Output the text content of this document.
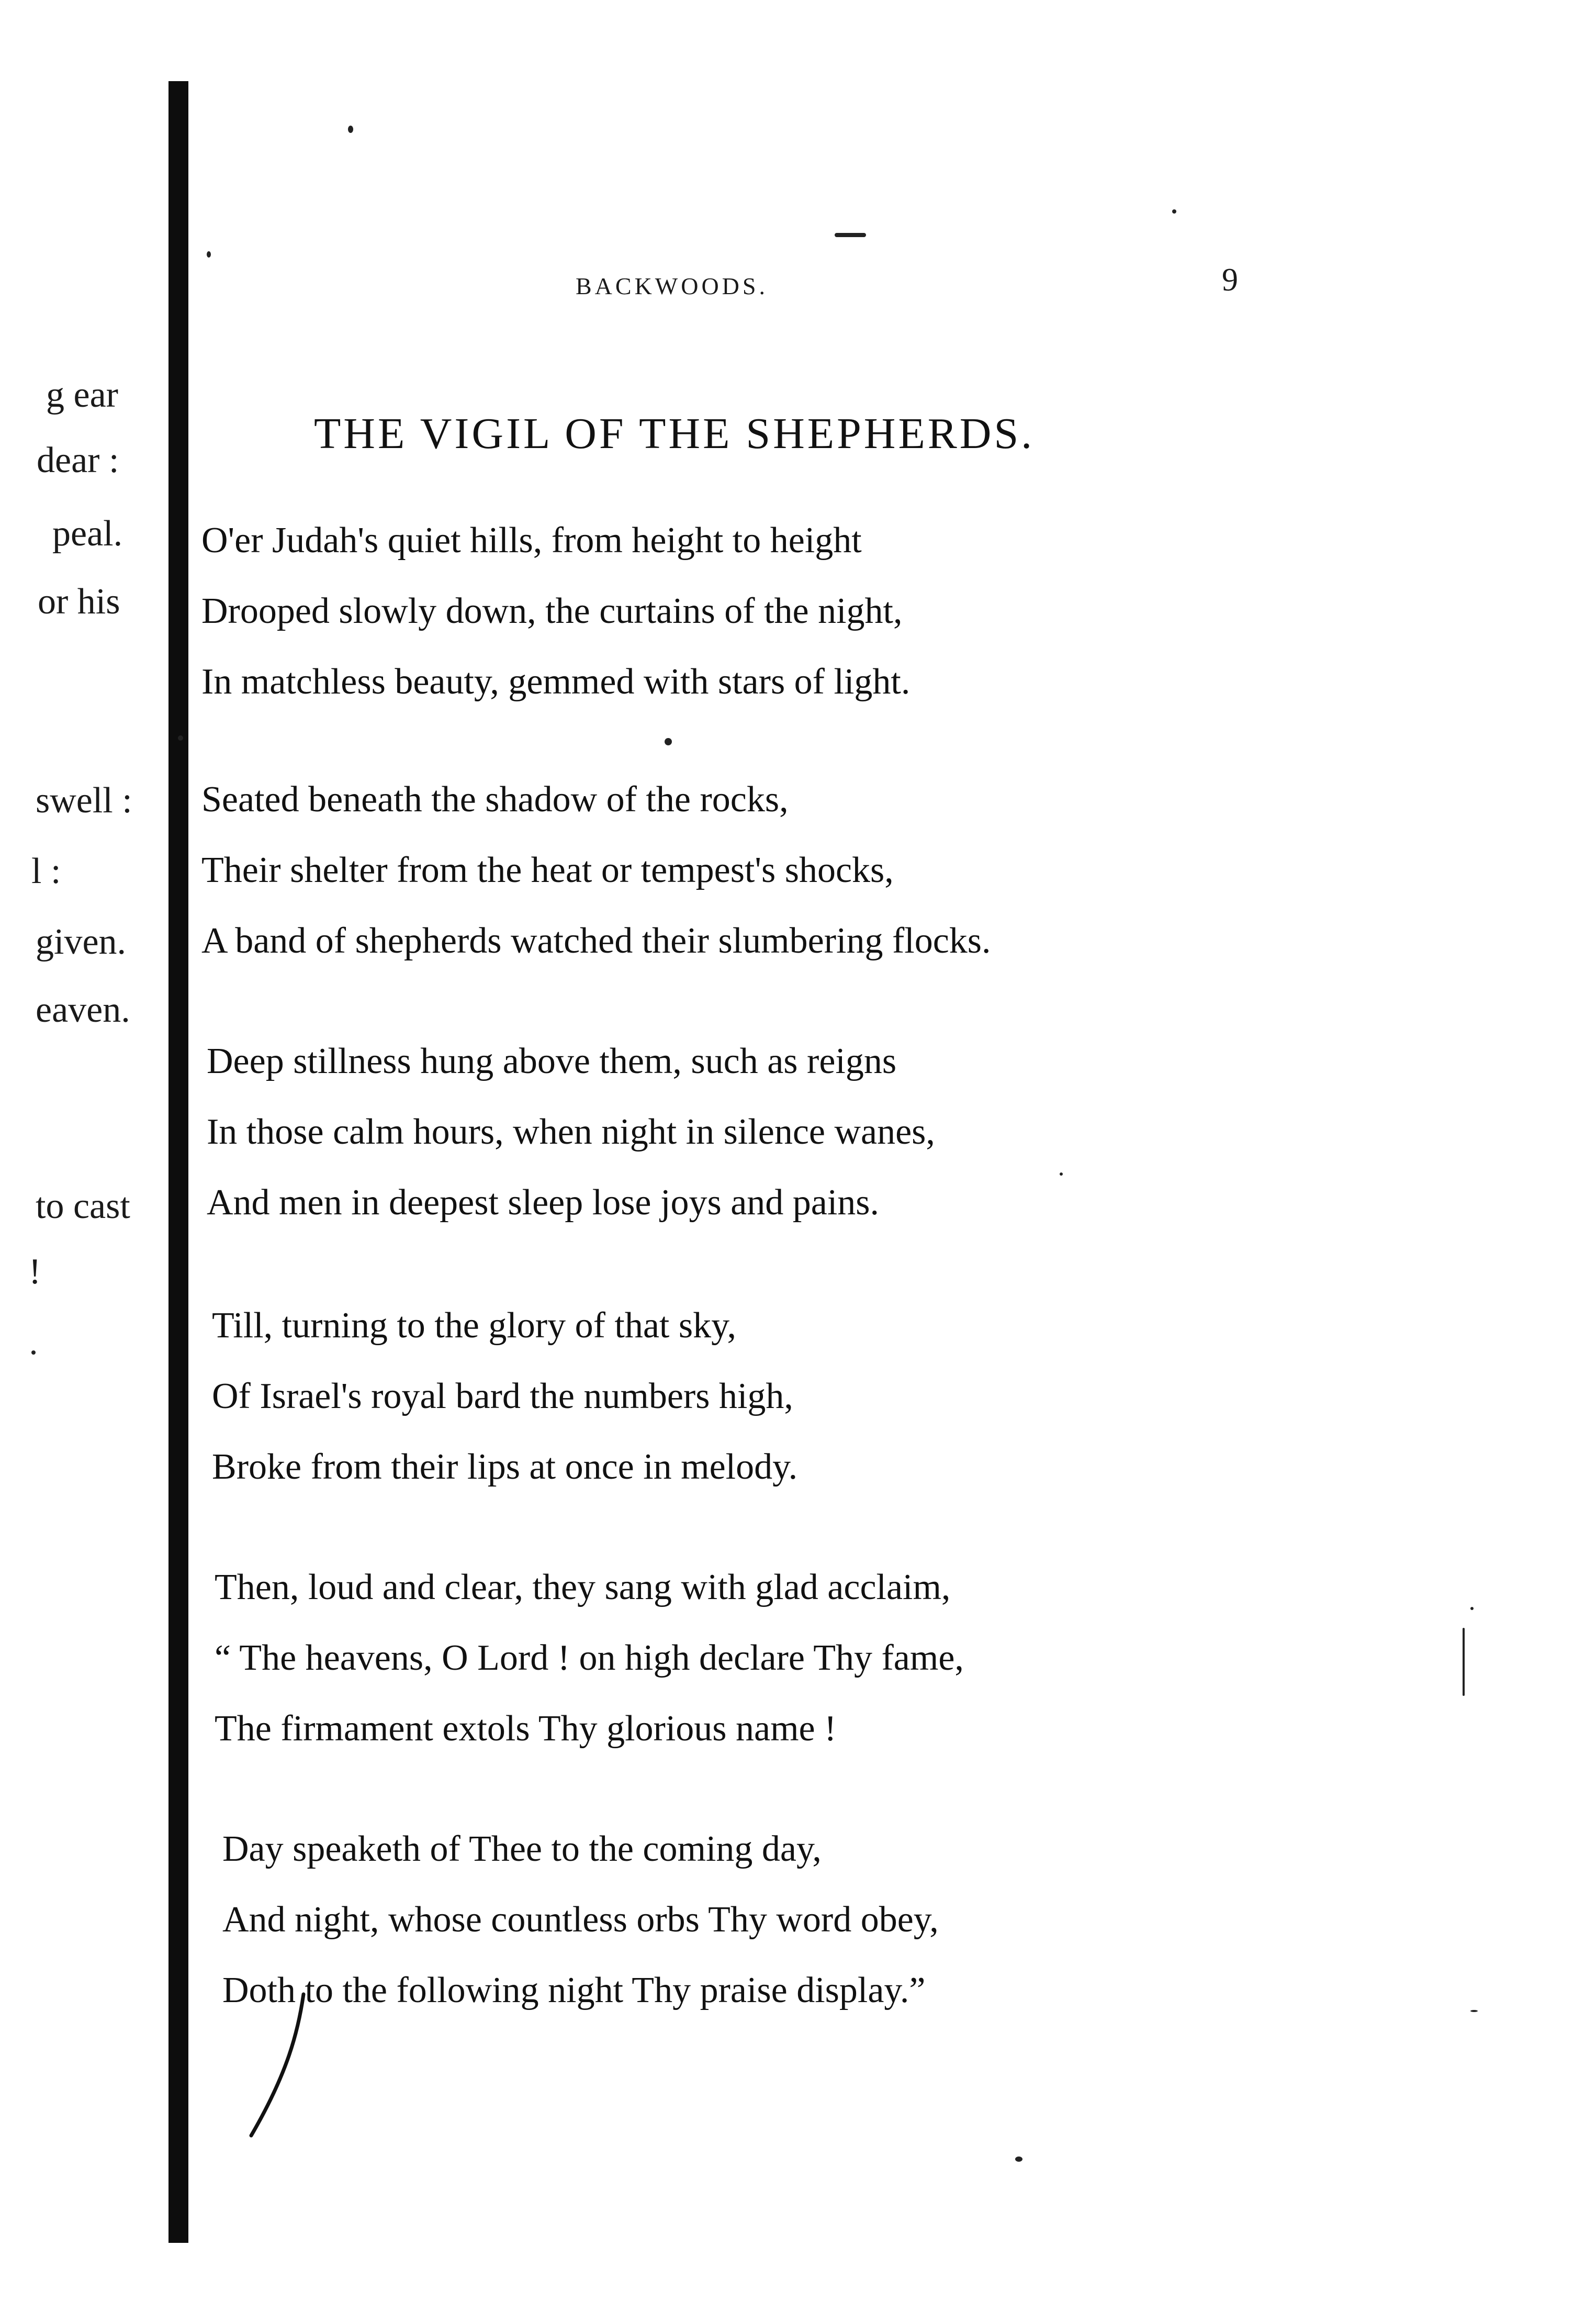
g ear
dear :
peal.
or his
swell :
l :
given.
eaven.
to cast
!
BACKWOODS.	9
THE VIGIL OF THE SHEPHERDS.
O'er Judah's quiet hills, from height to height
Drooped slowly down, the curtains of the night,
In matchless beauty, gemmed with stars of light.
Seated beneath the shadow of the rocks,
Their shelter from the heat or tempest's shocks,
A band of shepherds watched their slumbering flocks.
Deep stillness hung above them, such as reigns
In those calm hours, when night in silence wanes,
And men in deepest sleep lose joys and pains.
Till, turning to the glory of that sky,
Of Israel's royal bard the numbers high,
Broke from their lips at once in melody.
Then, loud and clear, they sang with glad acclaim,
“ The heavens, O Lord ! on high declare Thy fame,
The firmament extols Thy glorious name !
Day speaketh of Thee to the coming day,
And night, whose countless orbs Thy word obey,
Doth to the following night Thy praise display.”
